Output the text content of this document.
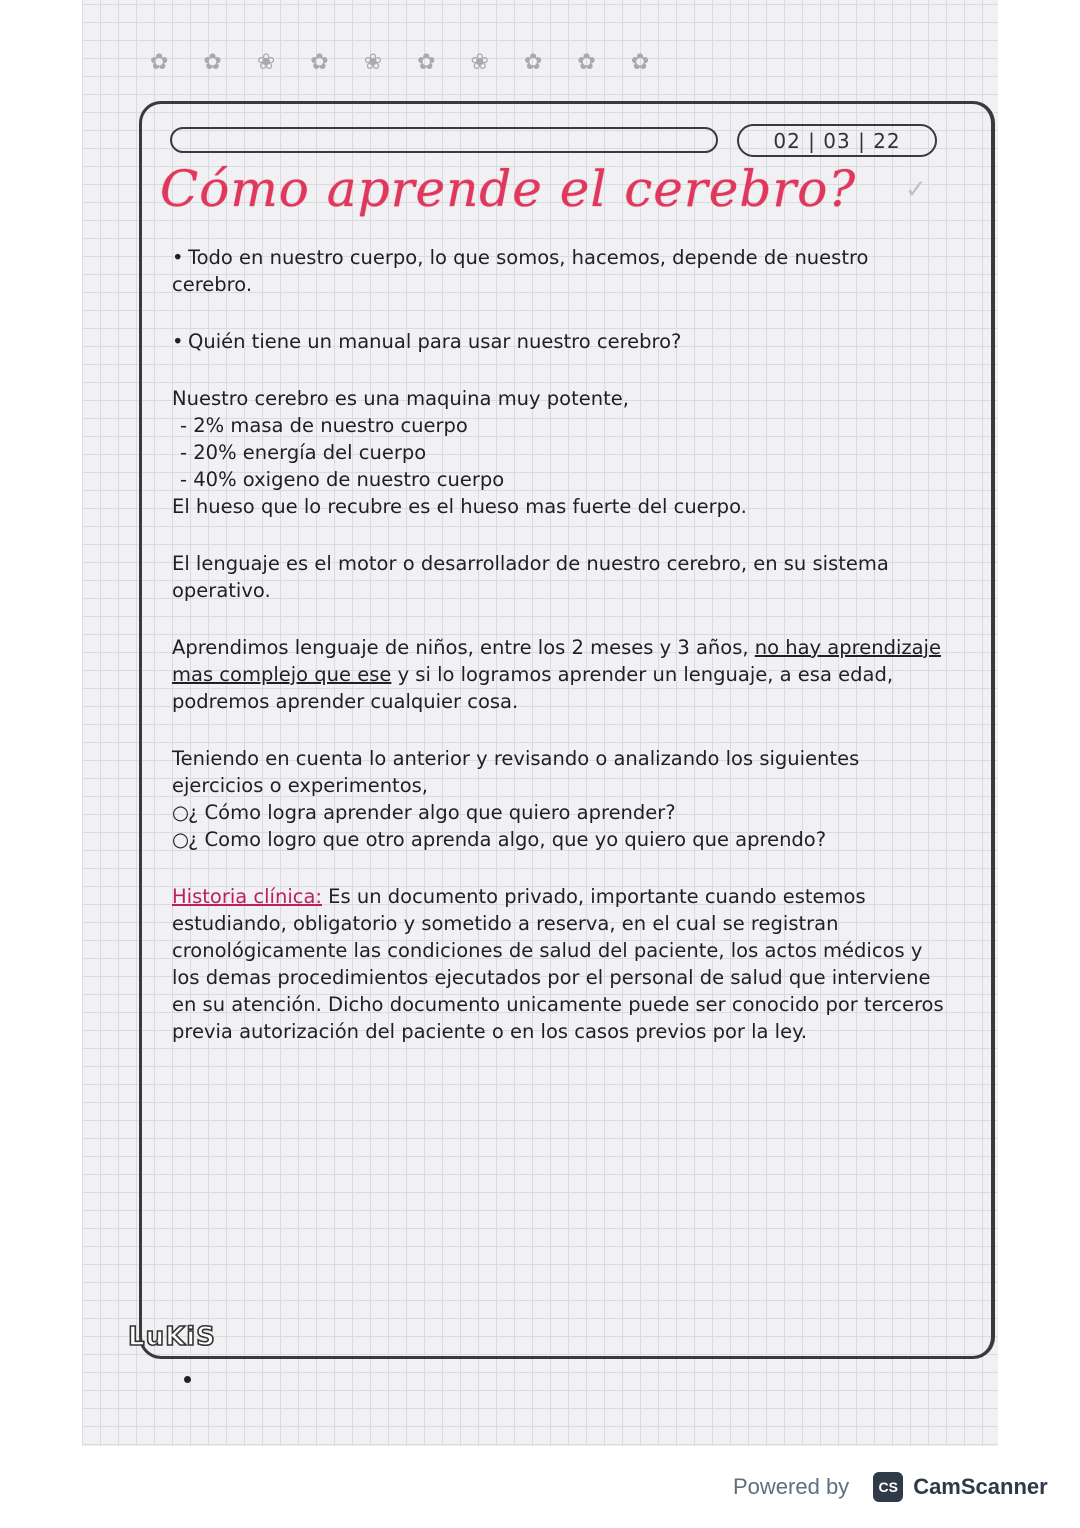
✿ ✿ ❀ ✿ ❀ ✿ ❀ ✿ ✿ ✿
02 | 03 | 22
Cómo aprende el cerebro? ✓

• Todo en nuestro cuerpo, lo que somos, hacemos, depende de nuestro cerebro.

• Quién tiene un manual para usar nuestro cerebro?

Nuestro cerebro es una maquina muy potente,

- 2% masa de nuestro cuerpo

- 20% energía del cuerpo

- 40% oxigeno de nuestro cuerpo

El hueso que lo recubre es el hueso mas fuerte del cuerpo.

El lenguaje es el motor o desarrollador de nuestro cerebro, en su sistema operativo.

Aprendimos lenguaje de niños, entre los 2 meses y 3 años, no hay aprendizaje mas complejo que ese y si lo logramos aprender un lenguaje, a esa edad, podremos aprender cualquier cosa.

Teniendo en cuenta lo anterior y revisando o analizando los siguientes ejercicios o experimentos,

○¿ Cómo logra aprender algo que quiero aprender?

○¿ Como logro que otro aprenda algo, que yo quiero que aprendo?

Historia clínica: Es un documento privado, importante cuando estemos estudiando, obligatorio y sometido a reserva, en el cual se registran cronológicamente las condiciones de salud del paciente, los actos médicos y los demas procedimientos ejecutados por el personal de salud que interviene en su atención. Dicho documento unicamente puede ser conocido por terceros previa autorización del paciente o en los casos previos por la ley.

LuKiS
Powered by	CS CamScanner
